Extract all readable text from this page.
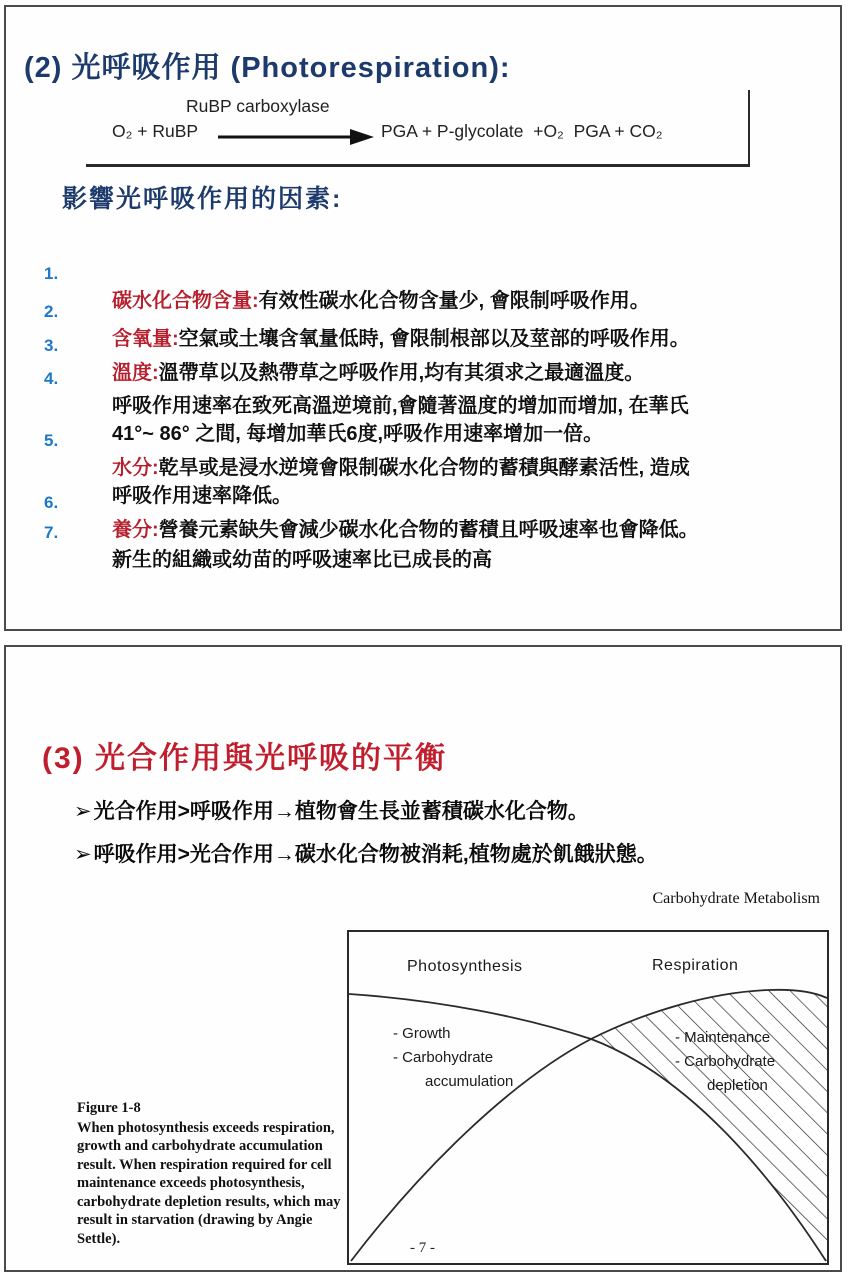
(2) 光呼吸作用 (Photorespiration):
RuBP carboxylase
O₂ + RuBP	PGA + P-glycolate  +O₂  PGA + CO₂
影響光呼吸作用的因素:

1.
碳水化合物含量:有效性碳水化合物含量少, 會限制呼吸作用。

2.
含氧量:空氣或土壤含氧量低時, 會限制根部以及莖部的呼吸作用。

3.
溫度:溫帶草以及熱帶草之呼吸作用,均有其須求之最適溫度。

4.
呼吸作用速率在致死高溫逆境前,會隨著溫度的增加而增加, 在華氏
41°~ 86° 之間, 每增加華氏6度,呼吸作用速率增加一倍。

5.
水分:乾旱或是浸水逆境會限制碳水化合物的蓄積與酵素活性, 造成
呼吸作用速率降低。

6.
養分:營養元素缺失會減少碳水化合物的蓄積且呼吸速率也會降低。

7.
新生的組織或幼苗的呼吸速率比已成長的高

(3) 光合作用與光呼吸的平衡
➢光合作用>呼吸作用→植物會生長並蓄積碳水化合物。
➢呼吸作用>光合作用→碳水化合物被消耗,植物處於飢餓狀態。
Carbohydrate Metabolism
Photosynthesis	Respiration
- Growth
- Carbohydrate
accumulation
- Maintenance
- Carbohydrate
depletion
Figure 1-8
When photosynthesis exceeds respiration, growth and carbohydrate accumulation result. When respiration required for cell maintenance exceeds photosynthesis, carbohydrate depletion results, which may result in starvation (drawing by Angie Settle).
- 7 -
